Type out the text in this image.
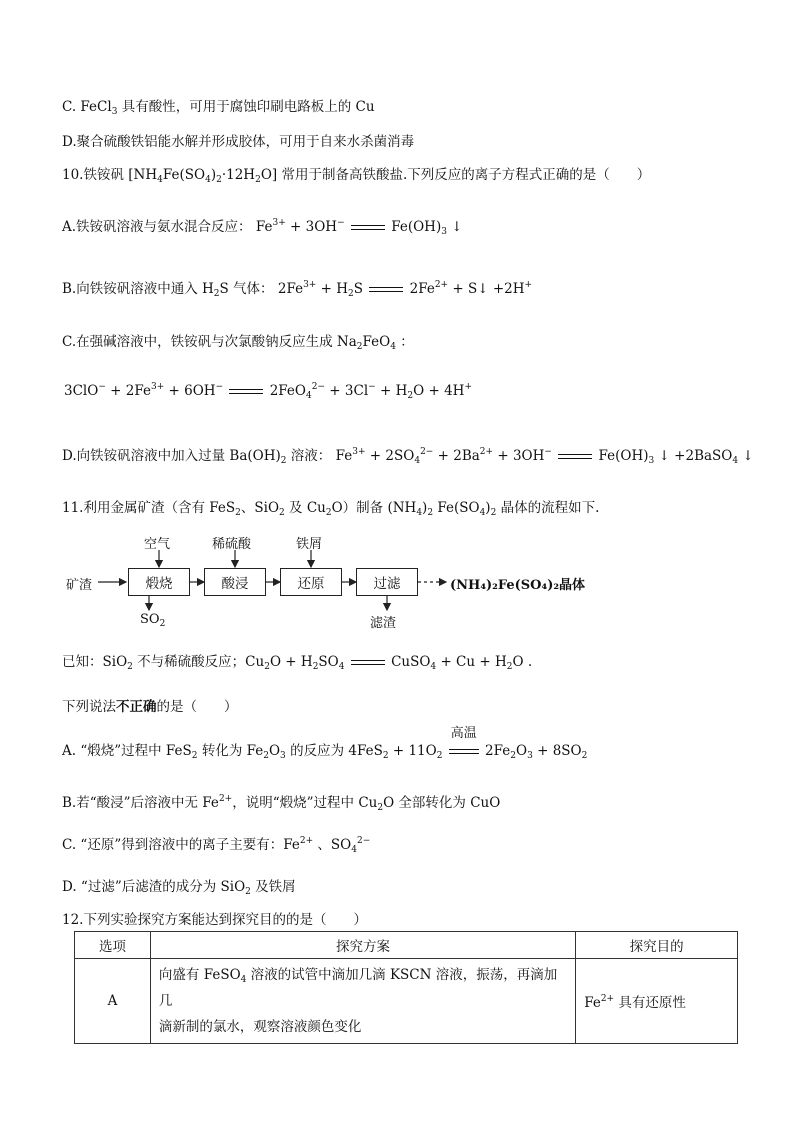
C. FeCl$_3$ 具有酸性，可用于腐蚀印刷电路板上的 Cu
D.聚合硫酸铁铝能水解并形成胶体，可用于自来水杀菌消毒
10.铁铵矾 $[NH_4Fe(SO_4)_2\cdot 12H_2O]$ 常用于制备高铁酸盐.下列反应的离子方程式正确的是（　　）
A.铁铵矾溶液与氨水混合反应： $Fe^{3+} + 3OH^-$	$Fe(OH)_3$ ↓
B.向铁铵矾溶液中通入 $H_2S$ 气体： $2Fe^{3+} + H_2S$	$2Fe^{2+}$ + S↓ +2H+
C.在强碱溶液中，铁铵矾与次氯酸钠反应生成 $Na_2FeO_4$ ：
$3ClO^- + 2Fe^{3+} + 6OH^-$	$2FeO_4^{2-} + 3Cl^- + H_2O + 4H^+$
D.向铁铵矾溶液中加入过量 $Ba(OH)_2$ 溶液： $Fe^{3+} + 2SO_4^{2-} + 2Ba^{2+} + 3OH^-$	$Fe(OH)_3$ ↓ +2BaSO$_4$ ↓
11.利用金属矿渣（含有 FeS$_2$、SiO$_2$ 及 $Cu_2O$）制备 $(NH_4)_2$ $Fe(SO_4)_2$ 晶体的流程如下.
矿渣	煅烧	酸浸	还原	过滤
空气	稀硫酸	铁屑
$SO_2$	滤渣
(NH₄)₂Fe(SO₄)₂晶体
已知：SiO$_2$ 不与稀硫酸反应；$Cu_2O + H_2SO_4$	CuSO$_4$ + $Cu + H_2O$ .
下列说法不正确的是（　　）
A. “煅烧”过程中 FeS$_2$ 转化为 $Fe_2O_3$ 的反应为 $4FeS_2 + 11O_2$
高温
$2Fe_2O_3 + 8SO_2$
B.若“酸浸”后溶液中无 $Fe^{2+}$，说明“煅烧”过程中 $Cu_2O$ 全部转化为 CuO
C. “还原”得到溶液中的离子主要有：$Fe^{2+}$ 、$SO_4^{2-}$
D. “过滤”后滤渣的成分为 SiO$_2$ 及铁屑
12.下列实验探究方案能达到探究目的的是（　　）
选项	探究方案	探究目的
A	向盛有 FeSO$_4$ 溶液的试管中滴加几滴 KSCN 溶液，振荡，再滴加几
滴新制的氯水，观察溶液颜色变化	$Fe^{2+}$ 具有还原性
